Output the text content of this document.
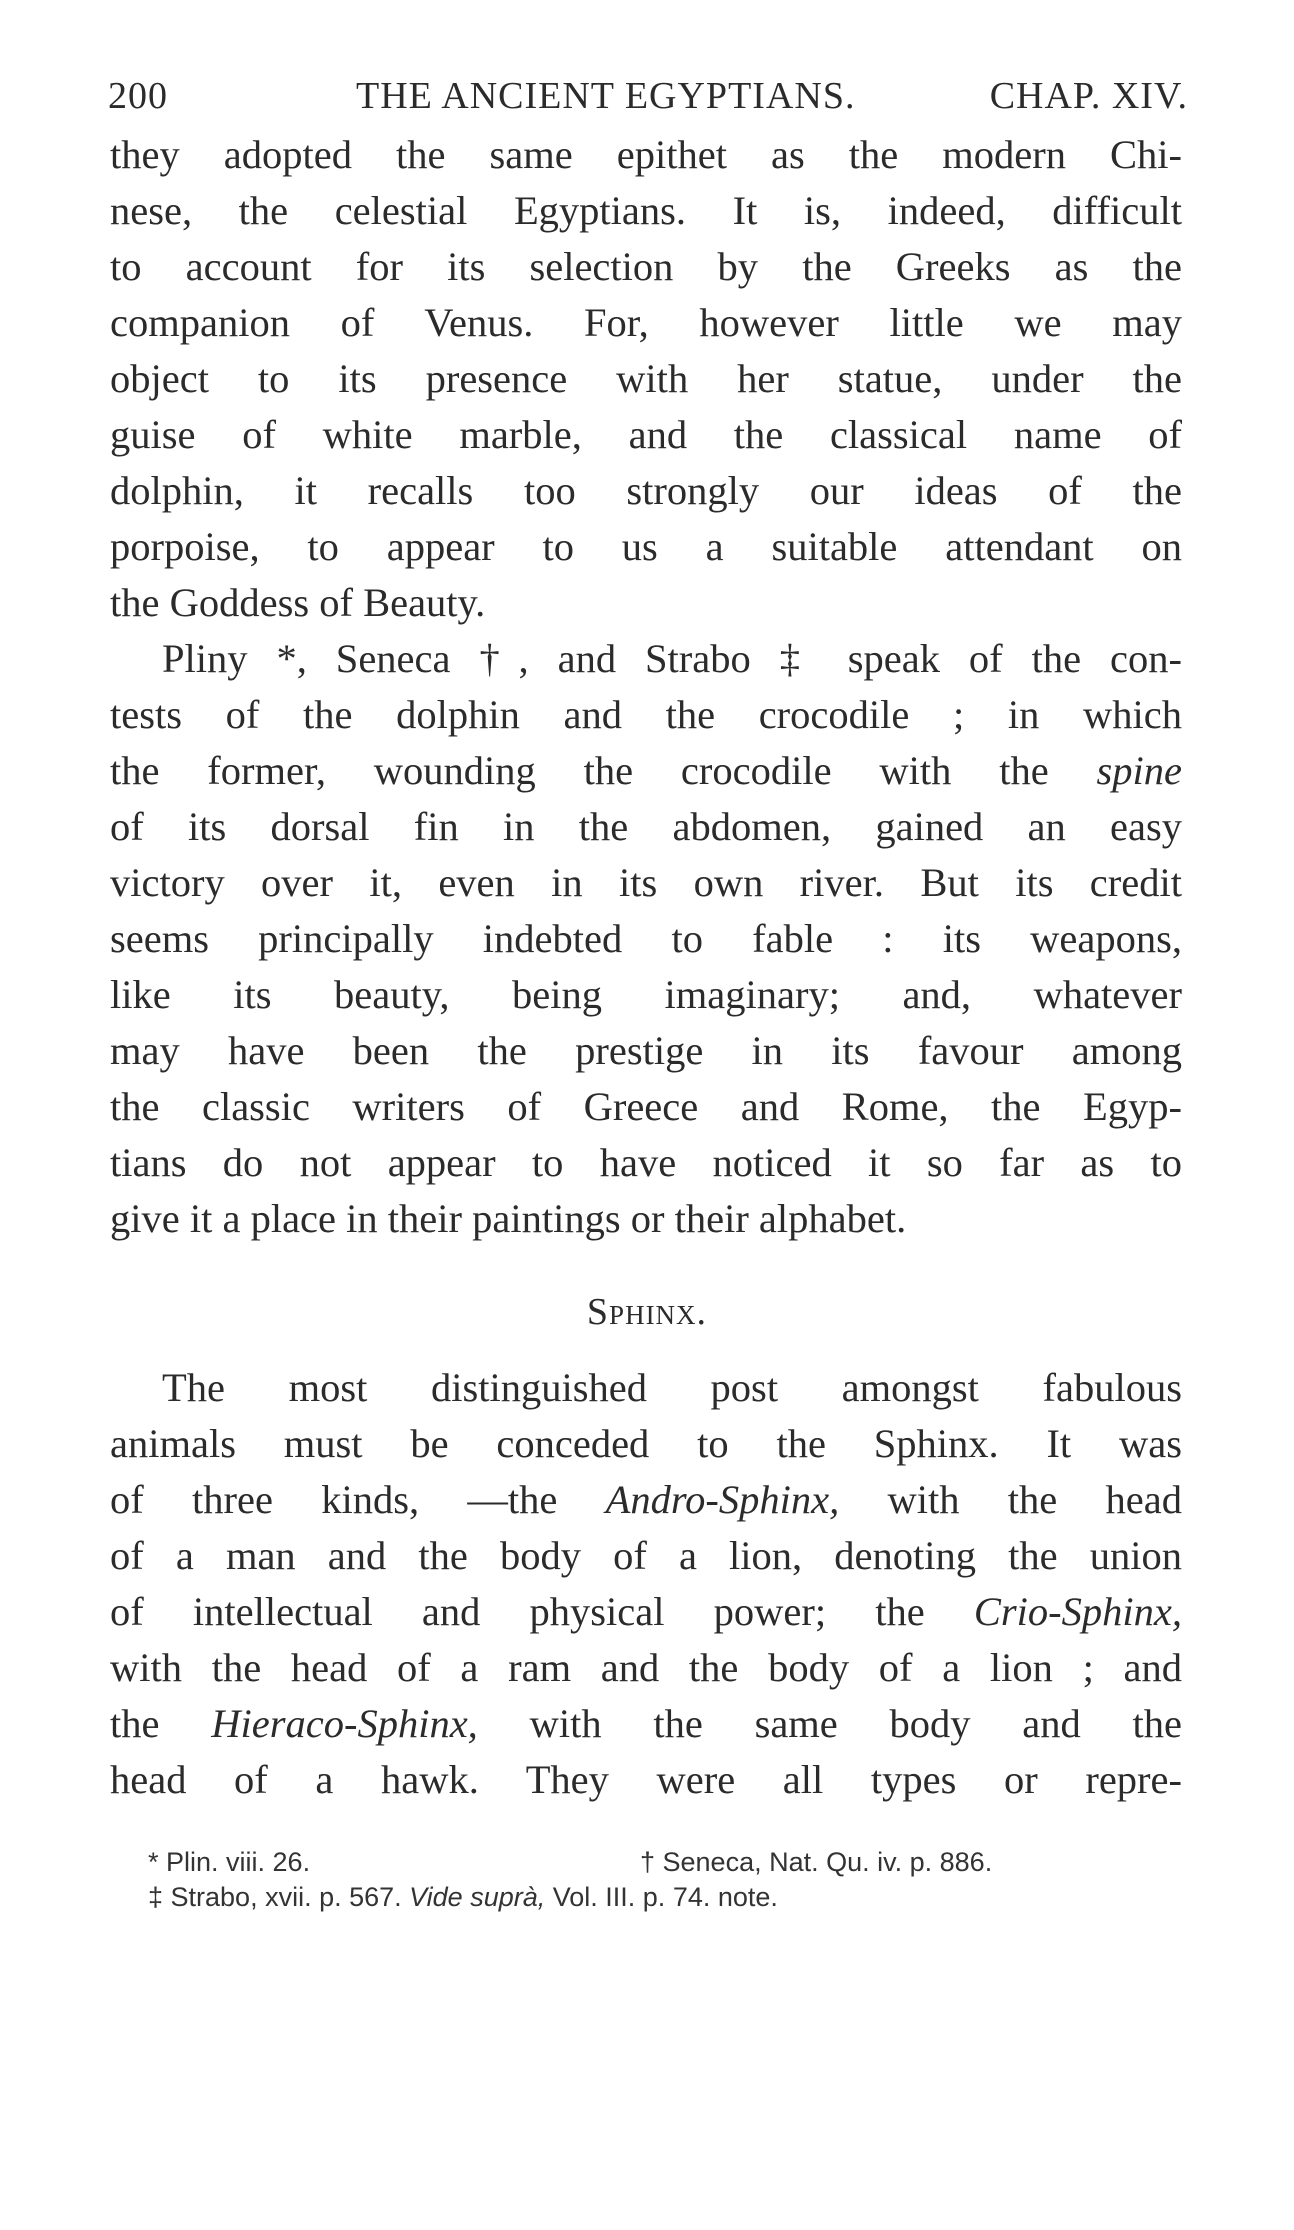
200	THE ANCIENT EGYPTIANS.	CHAP. XIV.
they adopted the same epithet as the modern Chi-
nese, the celestial Egyptians. It is, indeed, difficult
to account for its selection by the Greeks as the
companion of Venus. For, however little we may
object to its presence with her statue, under the
guise of white marble, and the classical name of
dolphin, it recalls too strongly our ideas of the
porpoise, to appear to us a suitable attendant on
the Goddess of Beauty.
Pliny *, Seneca †, and Strabo ‡ speak of the con-
tests of the dolphin and the crocodile ; in which
the former, wounding the crocodile with the spine
of its dorsal fin in the abdomen, gained an easy
victory over it, even in its own river. But its credit
seems principally indebted to fable : its weapons,
like its beauty, being imaginary; and, whatever
may have been the prestige in its favour among
the classic writers of Greece and Rome, the Egyp-
tians do not appear to have noticed it so far as to
give it a place in their paintings or their alphabet.
Sphinx.
The most distinguished post amongst fabulous
animals must be conceded to the Sphinx. It was
of three kinds, —the Andro-Sphinx, with the head
of a man and the body of a lion, denoting the union
of intellectual and physical power; the Crio-Sphinx,
with the head of a ram and the body of a lion ; and
the Hieraco-Sphinx, with the same body and the
head of a hawk. They were all types or repre-
* Plin. viii. 26.	† Seneca, Nat. Qu. iv. p. 886.
‡ Strabo, xvii. p. 567. Vide suprà, Vol. III. p. 74. note.
